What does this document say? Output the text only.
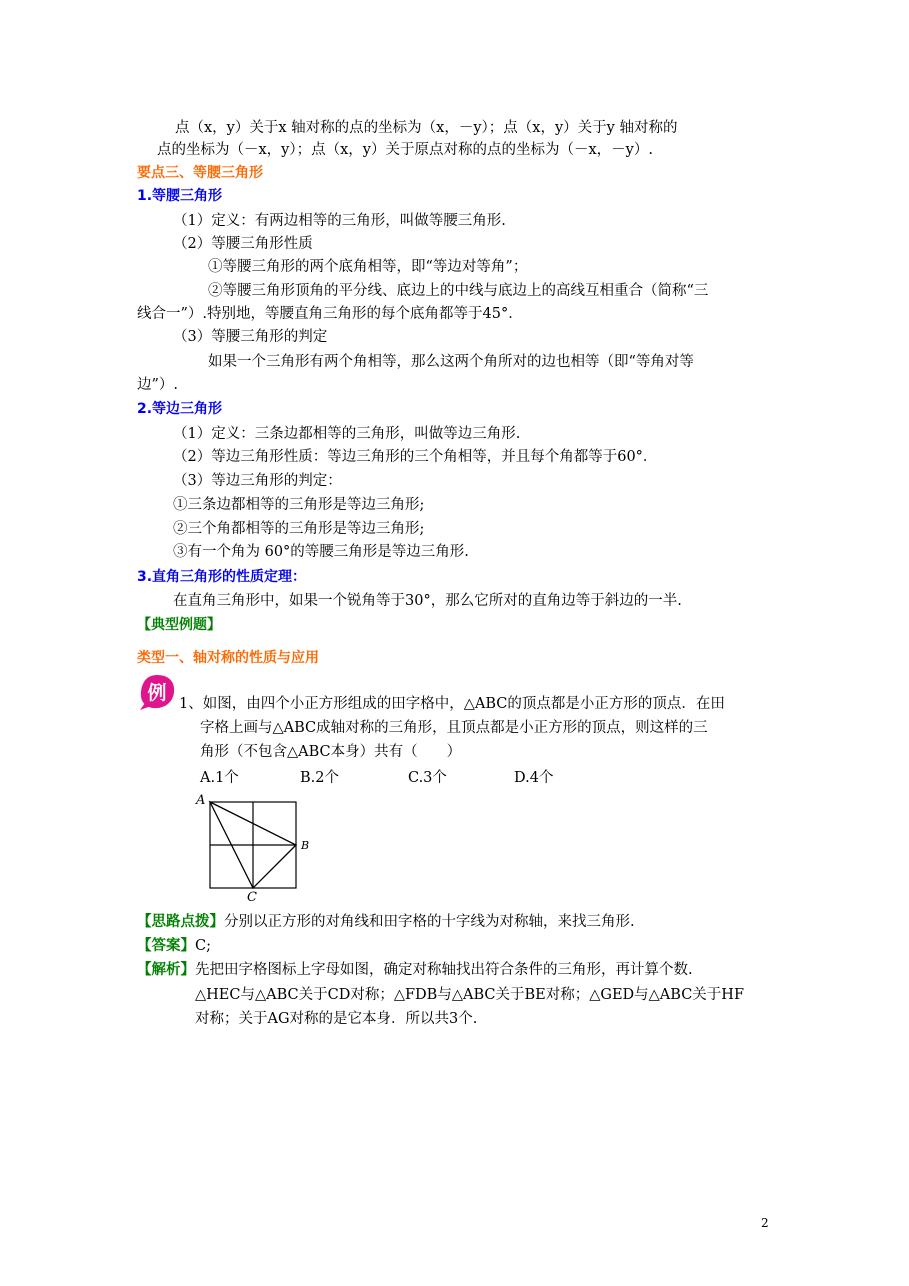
点（x，y）关于x 轴对称的点的坐标为（x，－y）；点（x，y）关于y 轴对称的
点的坐标为（－x，y）；点（x，y）关于原点对称的点的坐标为（－x，－y）.
要点三、等腰三角形
1.等腰三角形
（1）定义：有两边相等的三角形，叫做等腰三角形.
（2）等腰三角形性质
①等腰三角形的两个底角相等，即“等边对等角”；
②等腰三角形顶角的平分线、底边上的中线与底边上的高线互相重合（简称“三
线合一”）.特别地，等腰直角三角形的每个底角都等于45°．
（3）等腰三角形的判定
如果一个三角形有两个角相等，那么这两个角所对的边也相等（即“等角对等
边”）.
2.等边三角形
（1）定义：三条边都相等的三角形，叫做等边三角形.
（2）等边三角形性质：等边三角形的三个角相等，并且每个角都等于60°．
（3）等边三角形的判定：
①三条边都相等的三角形是等边三角形;
②三个角都相等的三角形是等边三角形;
③有一个角为 60°的等腰三角形是等边三角形.
3.直角三角形的性质定理：
在直角三角形中，如果一个锐角等于30°，那么它所对的直角边等于斜边的一半.
【典型例题】
类型一、轴对称的性质与应用
例 1、如图，由四个小正方形组成的田字格中，△ABC的顶点都是小正方形的顶点．在田
字格上画与△ABC成轴对称的三角形，且顶点都是小正方形的顶点，则这样的三
角形（不包含△ABC本身）共有（　　）
A.1个	B.2个	C.3个	D.4个
A
B
C
【思路点拨】分别以正方形的对角线和田字格的十字线为对称轴，来找三角形.
【答案】C;
【解析】先把田字格图标上字母如图，确定对称轴找出符合条件的三角形，再计算个数.
△HEC与△ABC关于CD对称；△FDB与△ABC关于BE对称；△GED与△ABC关于HF
对称；关于AG对称的是它本身．所以共3个.
2
